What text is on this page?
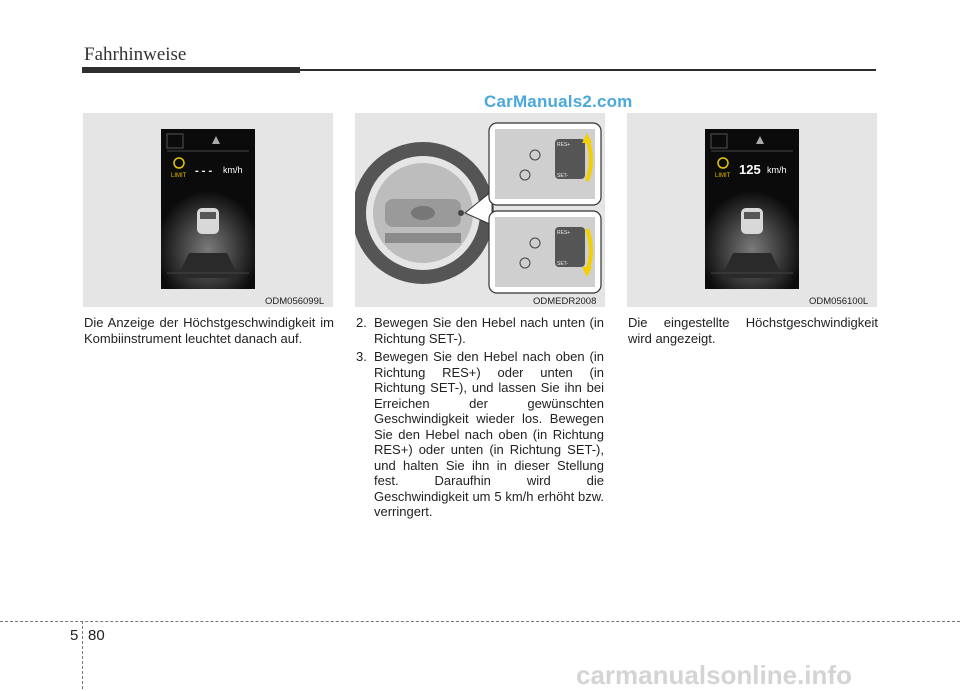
Fahrhinweise
CarManuals2.com
LIMIT - - - km/h
ODM056099L
RES+
SET-
RES+
SET-
ODMEDR2008
LIMIT 125 km/h
ODM056100L

Die Anzeige der Höchstgeschwindigkeit im Kombiinstrument leuchtet danach auf.

2. Bewegen Sie den Hebel nach unten (in Richtung SET-).
3. Bewegen Sie den Hebel nach oben (in Richtung RES+) oder unten (in Richtung SET-), und lassen Sie ihn bei Erreichen der gewünschten Geschwindigkeit wieder los. Bewegen Sie den Hebel nach oben (in Richtung RES+) oder unten (in Richtung SET-), und halten Sie ihn in dieser Stellung fest. Daraufhin wird die Geschwindigkeit um 5 km/h erhöht bzw. verringert.

Die eingestellte Höchstgeschwindigkeit wird angezeigt.

5 80
carmanualsonline.info
